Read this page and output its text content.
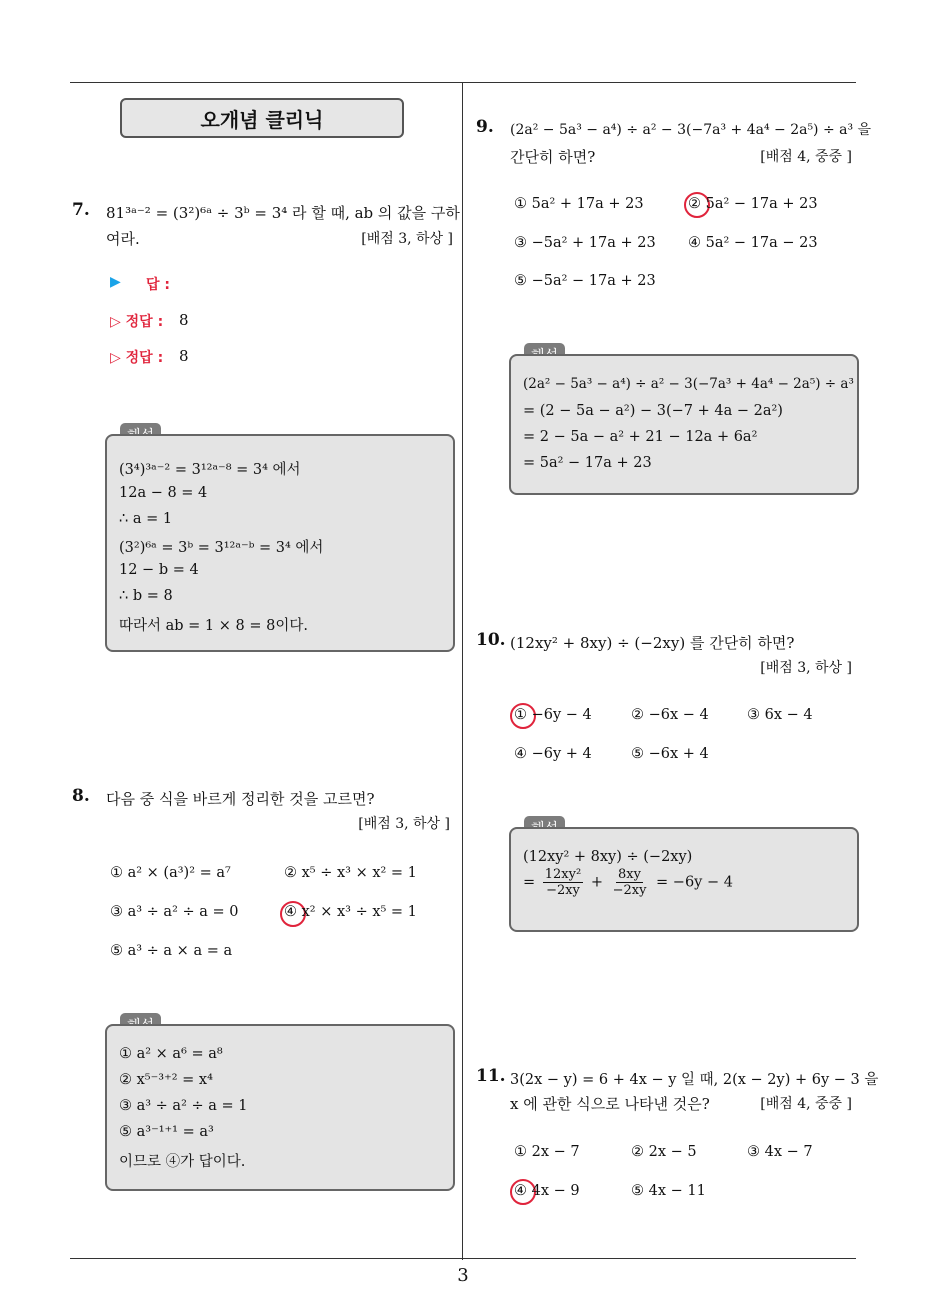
오개념 클리닉
7. 81³ᵃ⁻² = (3²)⁶ᵃ ÷ 3ᵇ = 3⁴ 라 할 때, ab 의 값을 구하
여라.	[배점 3, 하상 ]
▶ 답 :
▷ 정답 : 8
▷ 정답 : 8
(3⁴)³ᵃ⁻² = 3¹²ᵃ⁻⁸ = 3⁴ 에서
12a − 8 = 4
∴ a = 1
(3²)⁶ᵃ = 3ᵇ = 3¹²ᵃ⁻ᵇ = 3⁴ 에서
12 − b = 4
∴ b = 8
따라서 ab = 1 × 8 = 8이다.
8. 다음 중 식을 바르게 정리한 것을 고르면?
[배점 3, 하상 ]
① a² × (a³)² = a⁷	② x⁵ ÷ x³ × x² = 1
③ a³ ÷ a² ÷ a = 0	④ x² × x³ ÷ x⁵ = 1
⑤ a³ ÷ a × a = a
① a² × a⁶ = a⁸
② x⁵⁻³⁺² = x⁴
③ a³ ÷ a² ÷ a = 1
⑤ a³⁻¹⁺¹ = a³
이므로 ④가 답이다.
9. (2a² − 5a³ − a⁴) ÷ a² − 3(−7a³ + 4a⁴ − 2a⁵) ÷ a³ 을
간단히 하면?	[배점 4, 중중 ]
① 5a² + 17a + 23	② 5a² − 17a + 23
③ −5a² + 17a + 23 ④ 5a² − 17a − 23
⑤ −5a² − 17a + 23
(2a² − 5a³ − a⁴) ÷ a² − 3(−7a³ + 4a⁴ − 2a⁵) ÷ a³
= (2 − 5a − a²) − 3(−7 + 4a − 2a²)
= 2 − 5a − a² + 21 − 12a + 6a²
= 5a² − 17a + 23
10. (12xy² + 8xy) ÷ (−2xy) 를 간단히 하면?
[배점 3, 하상 ]
① −6y − 4	② −6x − 4	③ 6x − 4
④ −6y + 4	⑤ −6x + 4
(12xy² + 8xy) ÷ (−2xy)
= $\frac{\text{12xy²}}{-2xy} + \frac{8xy}{-2xy} = -6y - 4$
11. 3(2x − y) = 6 + 4x − y 일 때, 2(x − 2y) + 6y − 3 을
x 에 관한 식으로 나타낸 것은?	[배점 4, 중중 ]
① 2x − 7	② 2x − 5	③ 4x − 7
④ 4x − 9	⑤ 4x − 11
3
